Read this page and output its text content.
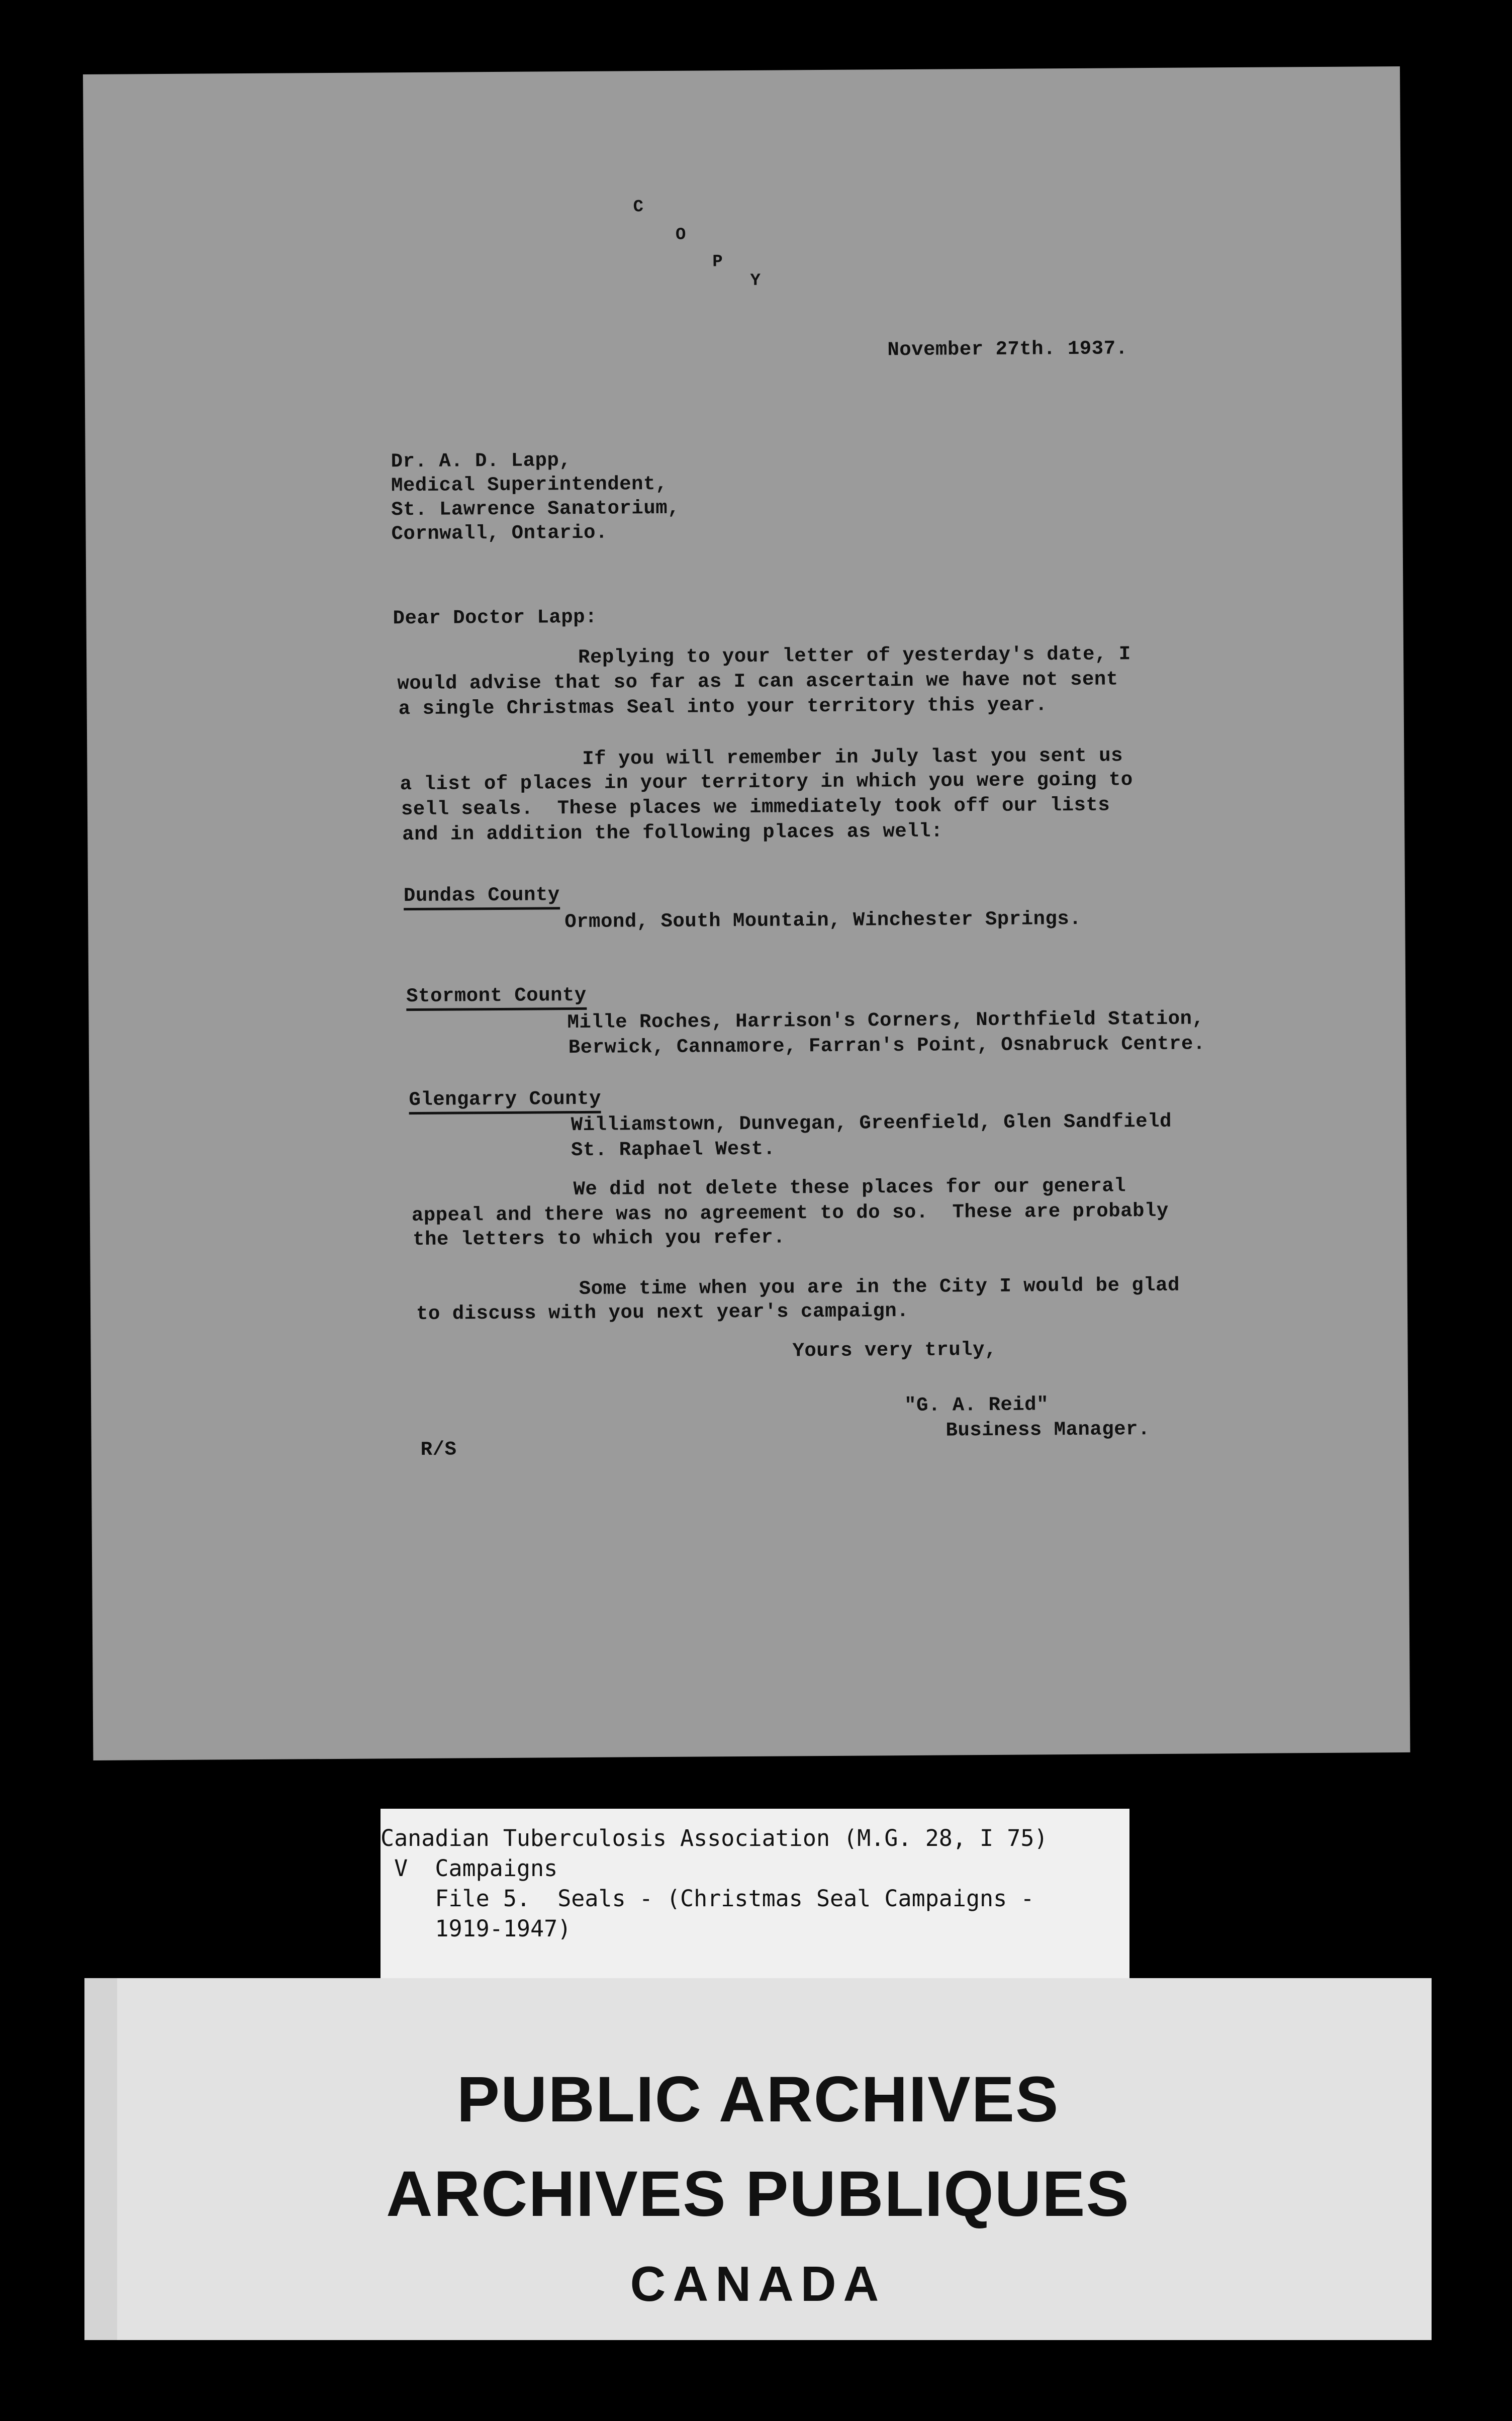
C
O
P
Y
November 27th. 1937.
Dr. A. D. Lapp,
Medical Superintendent,
St. Lawrence Sanatorium,
Cornwall, Ontario.
Dear Doctor Lapp:
Replying to your letter of yesterday's date, I
would advise that so far as I can ascertain we have not sent
a single Christmas Seal into your territory this year.
If you will remember in July last you sent us
a list of places in your territory in which you were going to
sell seals.  These places we immediately took off our lists
and in addition the following places as well:
Dundas County
Ormond, South Mountain, Winchester Springs.
Stormont County
Mille Roches, Harrison's Corners, Northfield Station,
Berwick, Cannamore, Farran's Point, Osnabruck Centre.
Glengarry County
Williamstown, Dunvegan, Greenfield, Glen Sandfield
St. Raphael West.
We did not delete these places for our general
appeal and there was no agreement to do so.  These are probably
the letters to which you refer.
Some time when you are in the City I would be glad
to discuss with you next year's campaign.
Yours very truly,
"G. A. Reid"
Business Manager.
R/S
Canadian Tuberculosis Association (M.G. 28, I 75)
V  Campaigns
File 5.  Seals - (Christmas Seal Campaigns -
1919-1947)
PUBLIC ARCHIVES
ARCHIVES PUBLIQUES
CANADA
